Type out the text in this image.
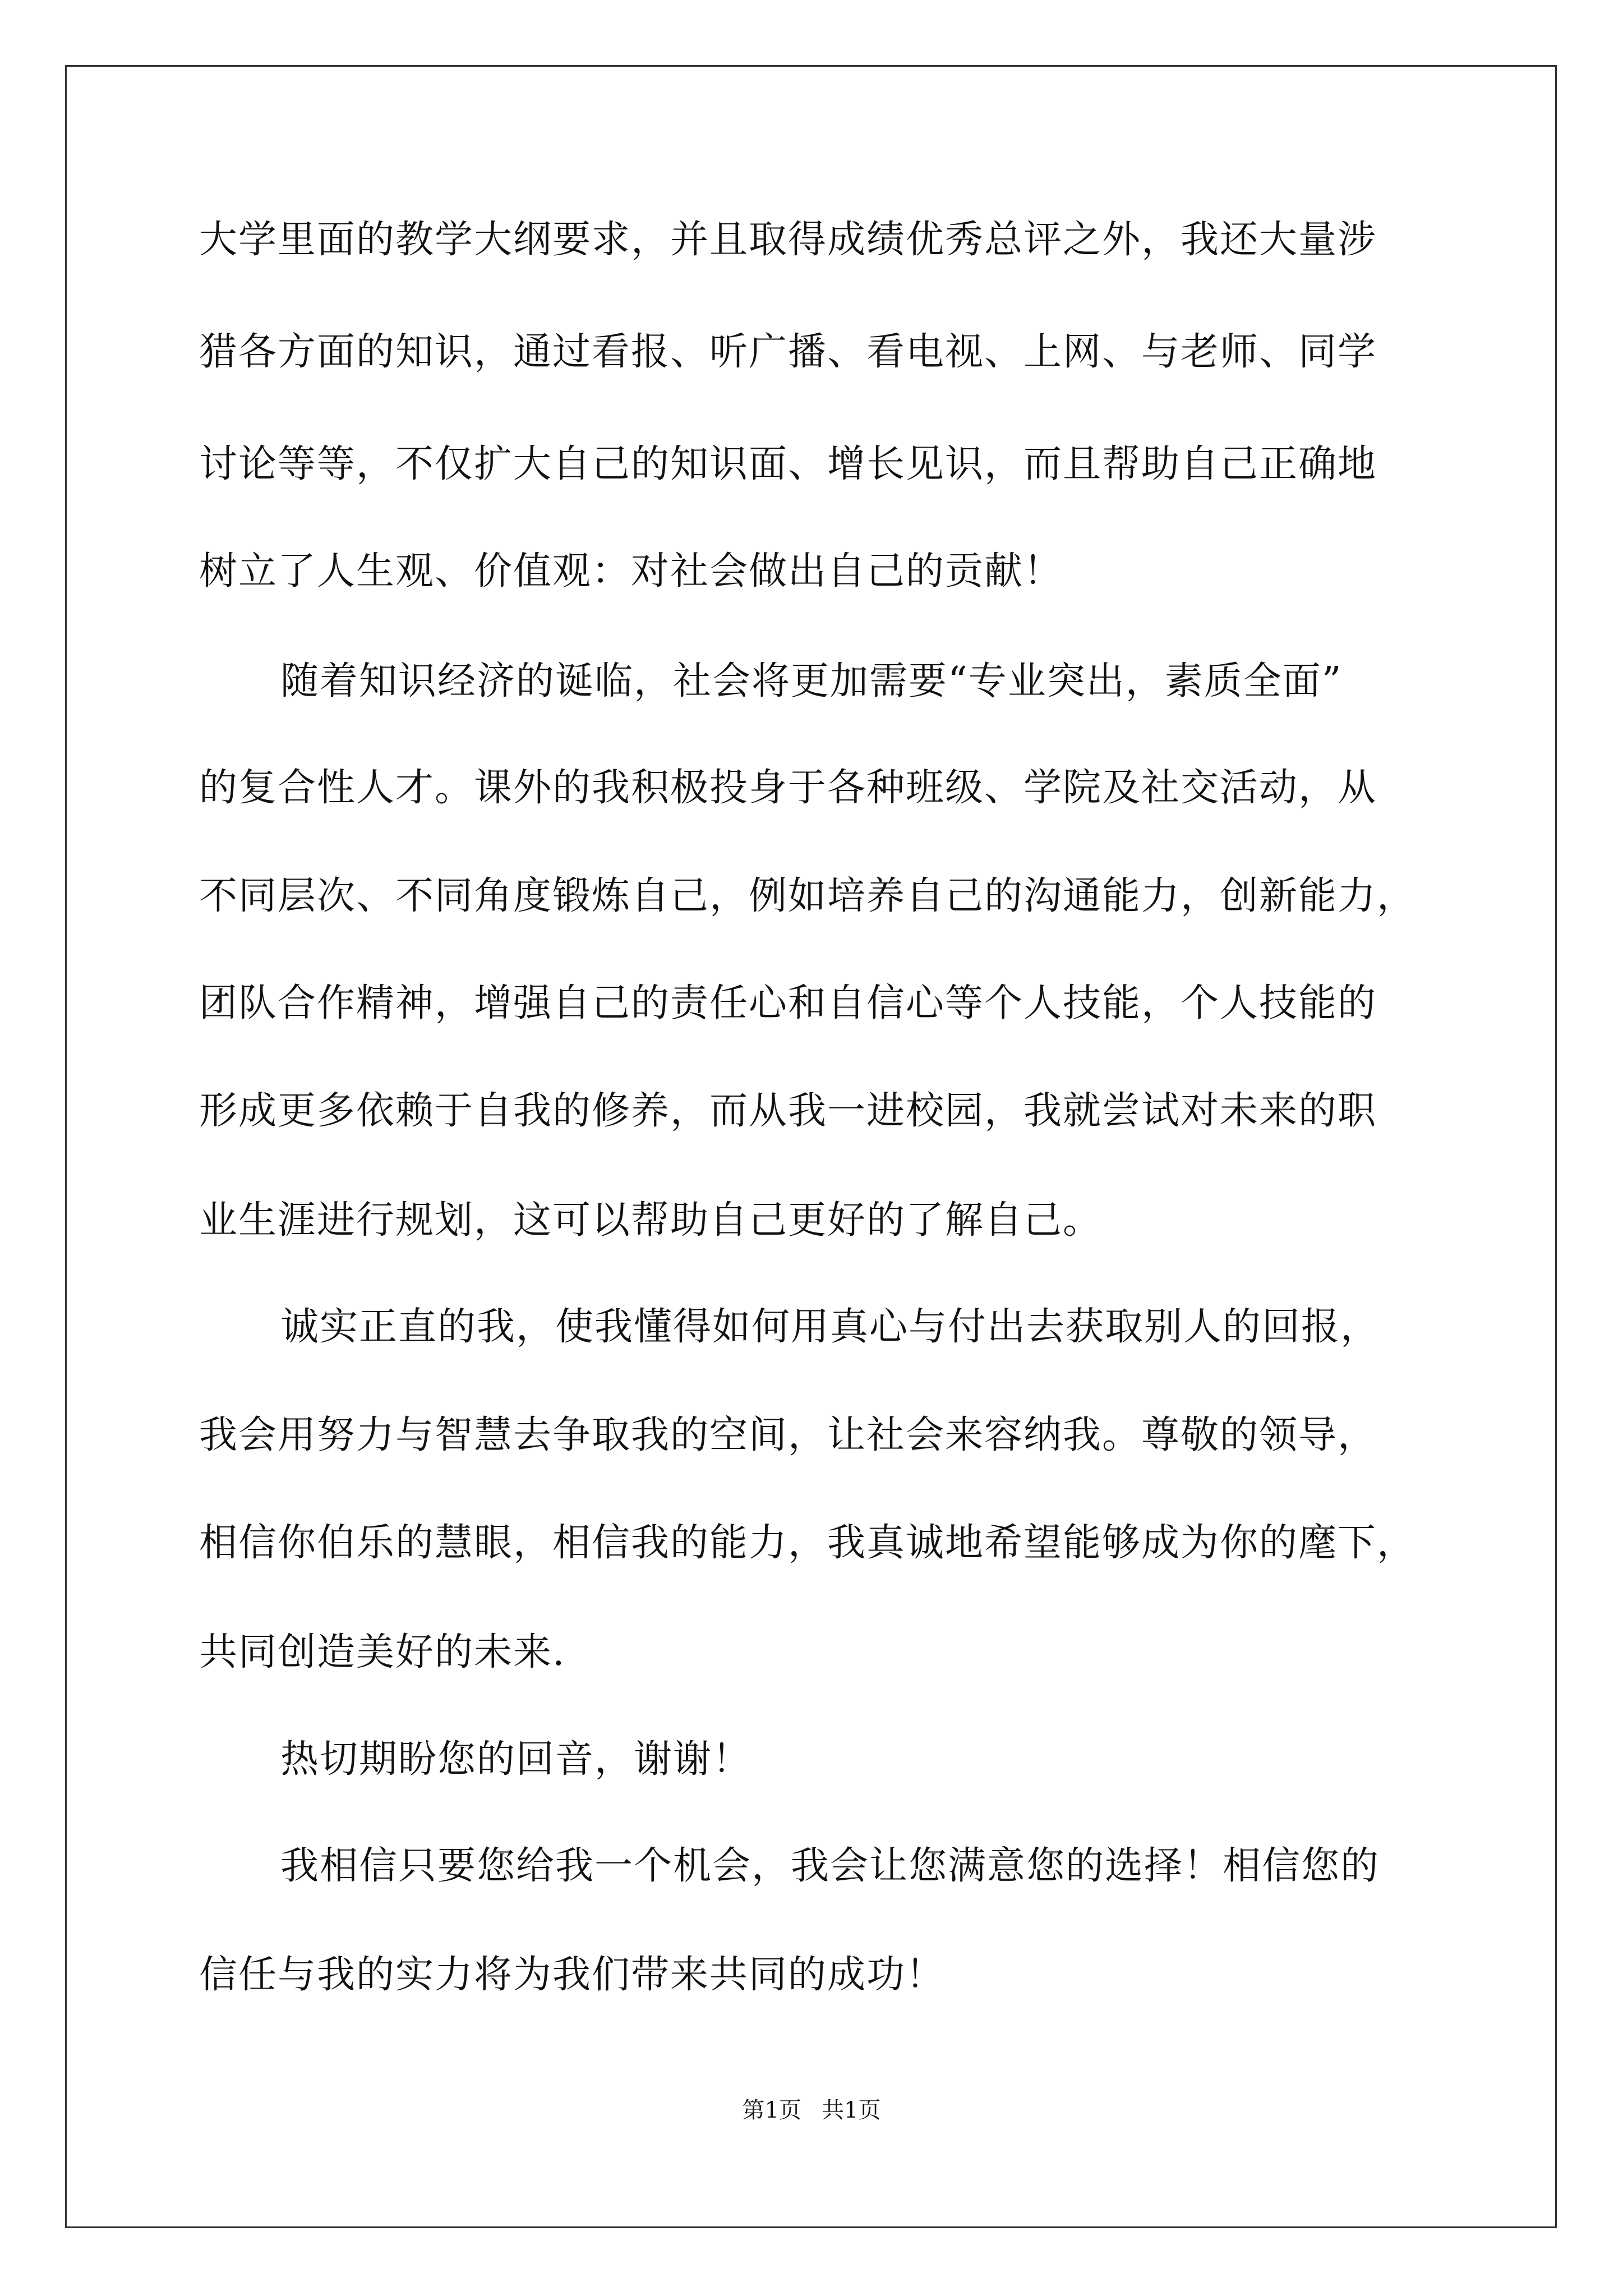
大学里面的教学大纲要求，并且取得成绩优秀总评之外，我还大量涉
猎各方面的知识，通过看报、听广播、看电视、上网、与老师、同学
讨论等等，不仅扩大自己的知识面、增长见识，而且帮助自己正确地
树立了人生观、价值观：对社会做出自己的贡献！
随着知识经济的诞临，社会将更加需要“专业突出，素质全面”
的复合性人才。课外的我积极投身于各种班级、学院及社交活动，从
不同层次、不同角度锻炼自己，例如培养自己的沟通能力，创新能力，
团队合作精神，增强自己的责任心和自信心等个人技能，个人技能的
形成更多依赖于自我的修养，而从我一进校园，我就尝试对未来的职
业生涯进行规划，这可以帮助自己更好的了解自己。
诚实正直的我，使我懂得如何用真心与付出去获取别人的回报，
我会用努力与智慧去争取我的空间，让社会来容纳我。尊敬的领导，
相信你伯乐的慧眼，相信我的能力，我真诚地希望能够成为你的麾下，
共同创造美好的未来.
热切期盼您的回音，谢谢！
我相信只要您给我一个机会，我会让您满意您的选择！相信您的
信任与我的实力将为我们带来共同的成功！
第1页 共1页
